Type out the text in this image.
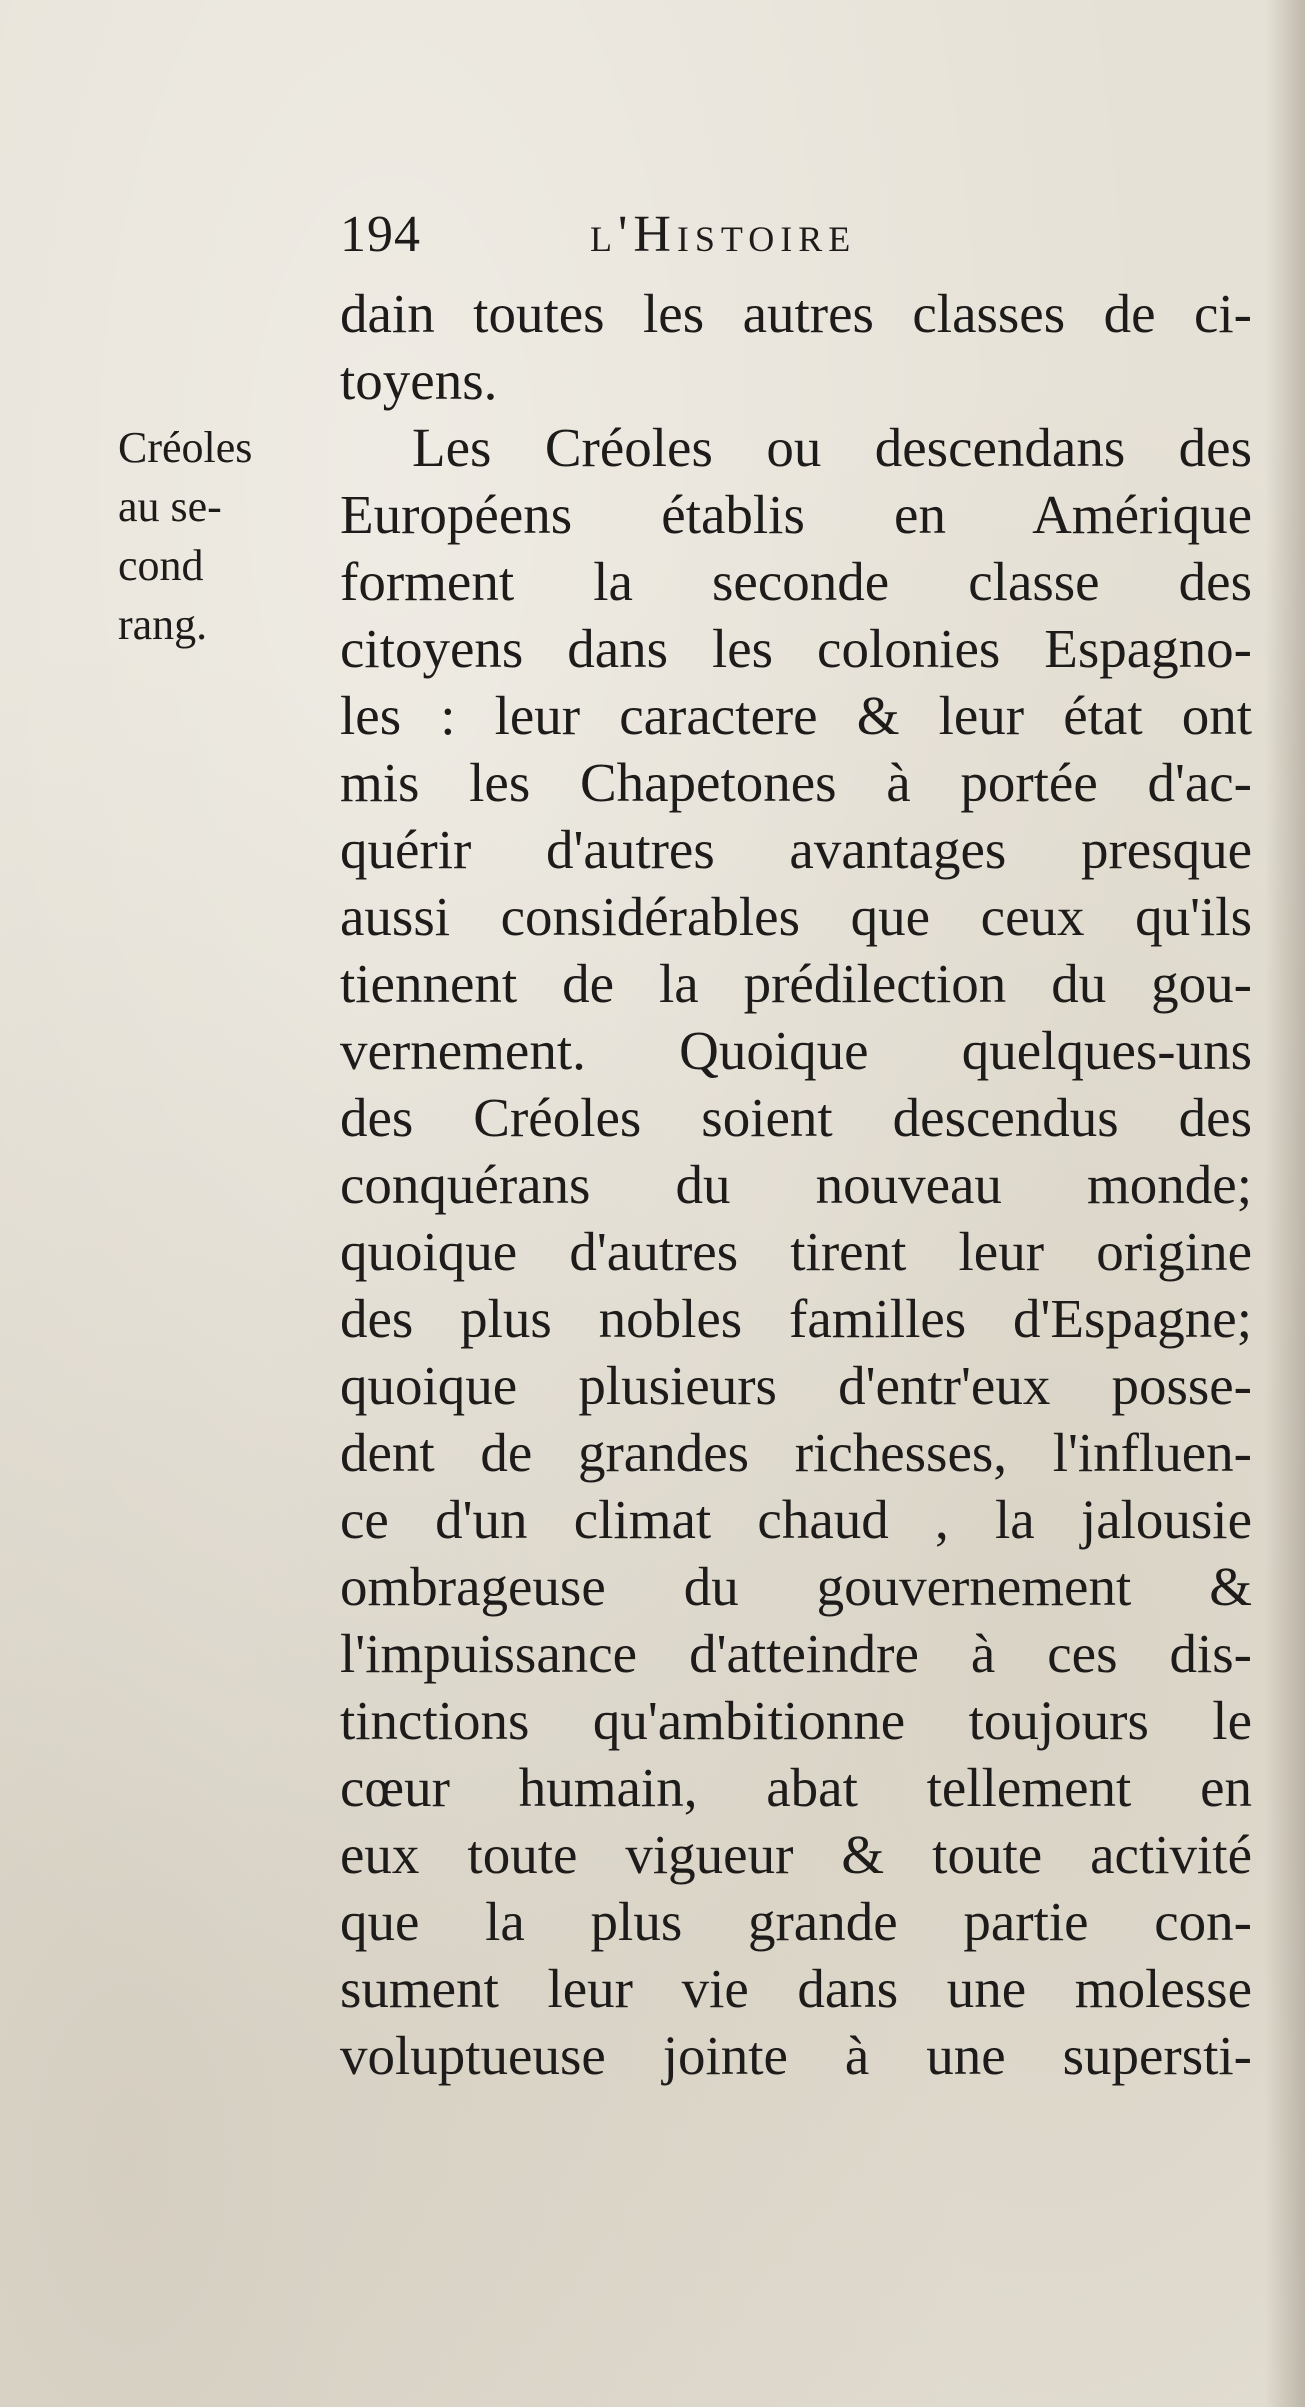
194	l'Histoire
Créoles
au se-
cond
rang.
dain toutes les autres classes de ci-
toyens.
Les Créoles ou descendans des
Européens établis en Amérique
forment la seconde classe des
citoyens dans les colonies Espagno-
les : leur caractere & leur état ont
mis les Chapetones à portée d'ac-
quérir d'autres avantages presque
aussi considérables que ceux qu'ils
tiennent de la prédilection du gou-
vernement. Quoique quelques-uns
des Créoles soient descendus des
conquérans du nouveau monde;
quoique d'autres tirent leur origine
des plus nobles familles d'Espagne;
quoique plusieurs d'entr'eux posse-
dent de grandes richesses, l'influen-
ce d'un climat chaud , la jalousie
ombrageuse du gouvernement &
l'impuissance d'atteindre à ces dis-
tinctions qu'ambitionne toujours le
cœur humain, abat tellement en
eux toute vigueur & toute activité
que la plus grande partie con-
sument leur vie dans une molesse
voluptueuse jointe à une supersti-
